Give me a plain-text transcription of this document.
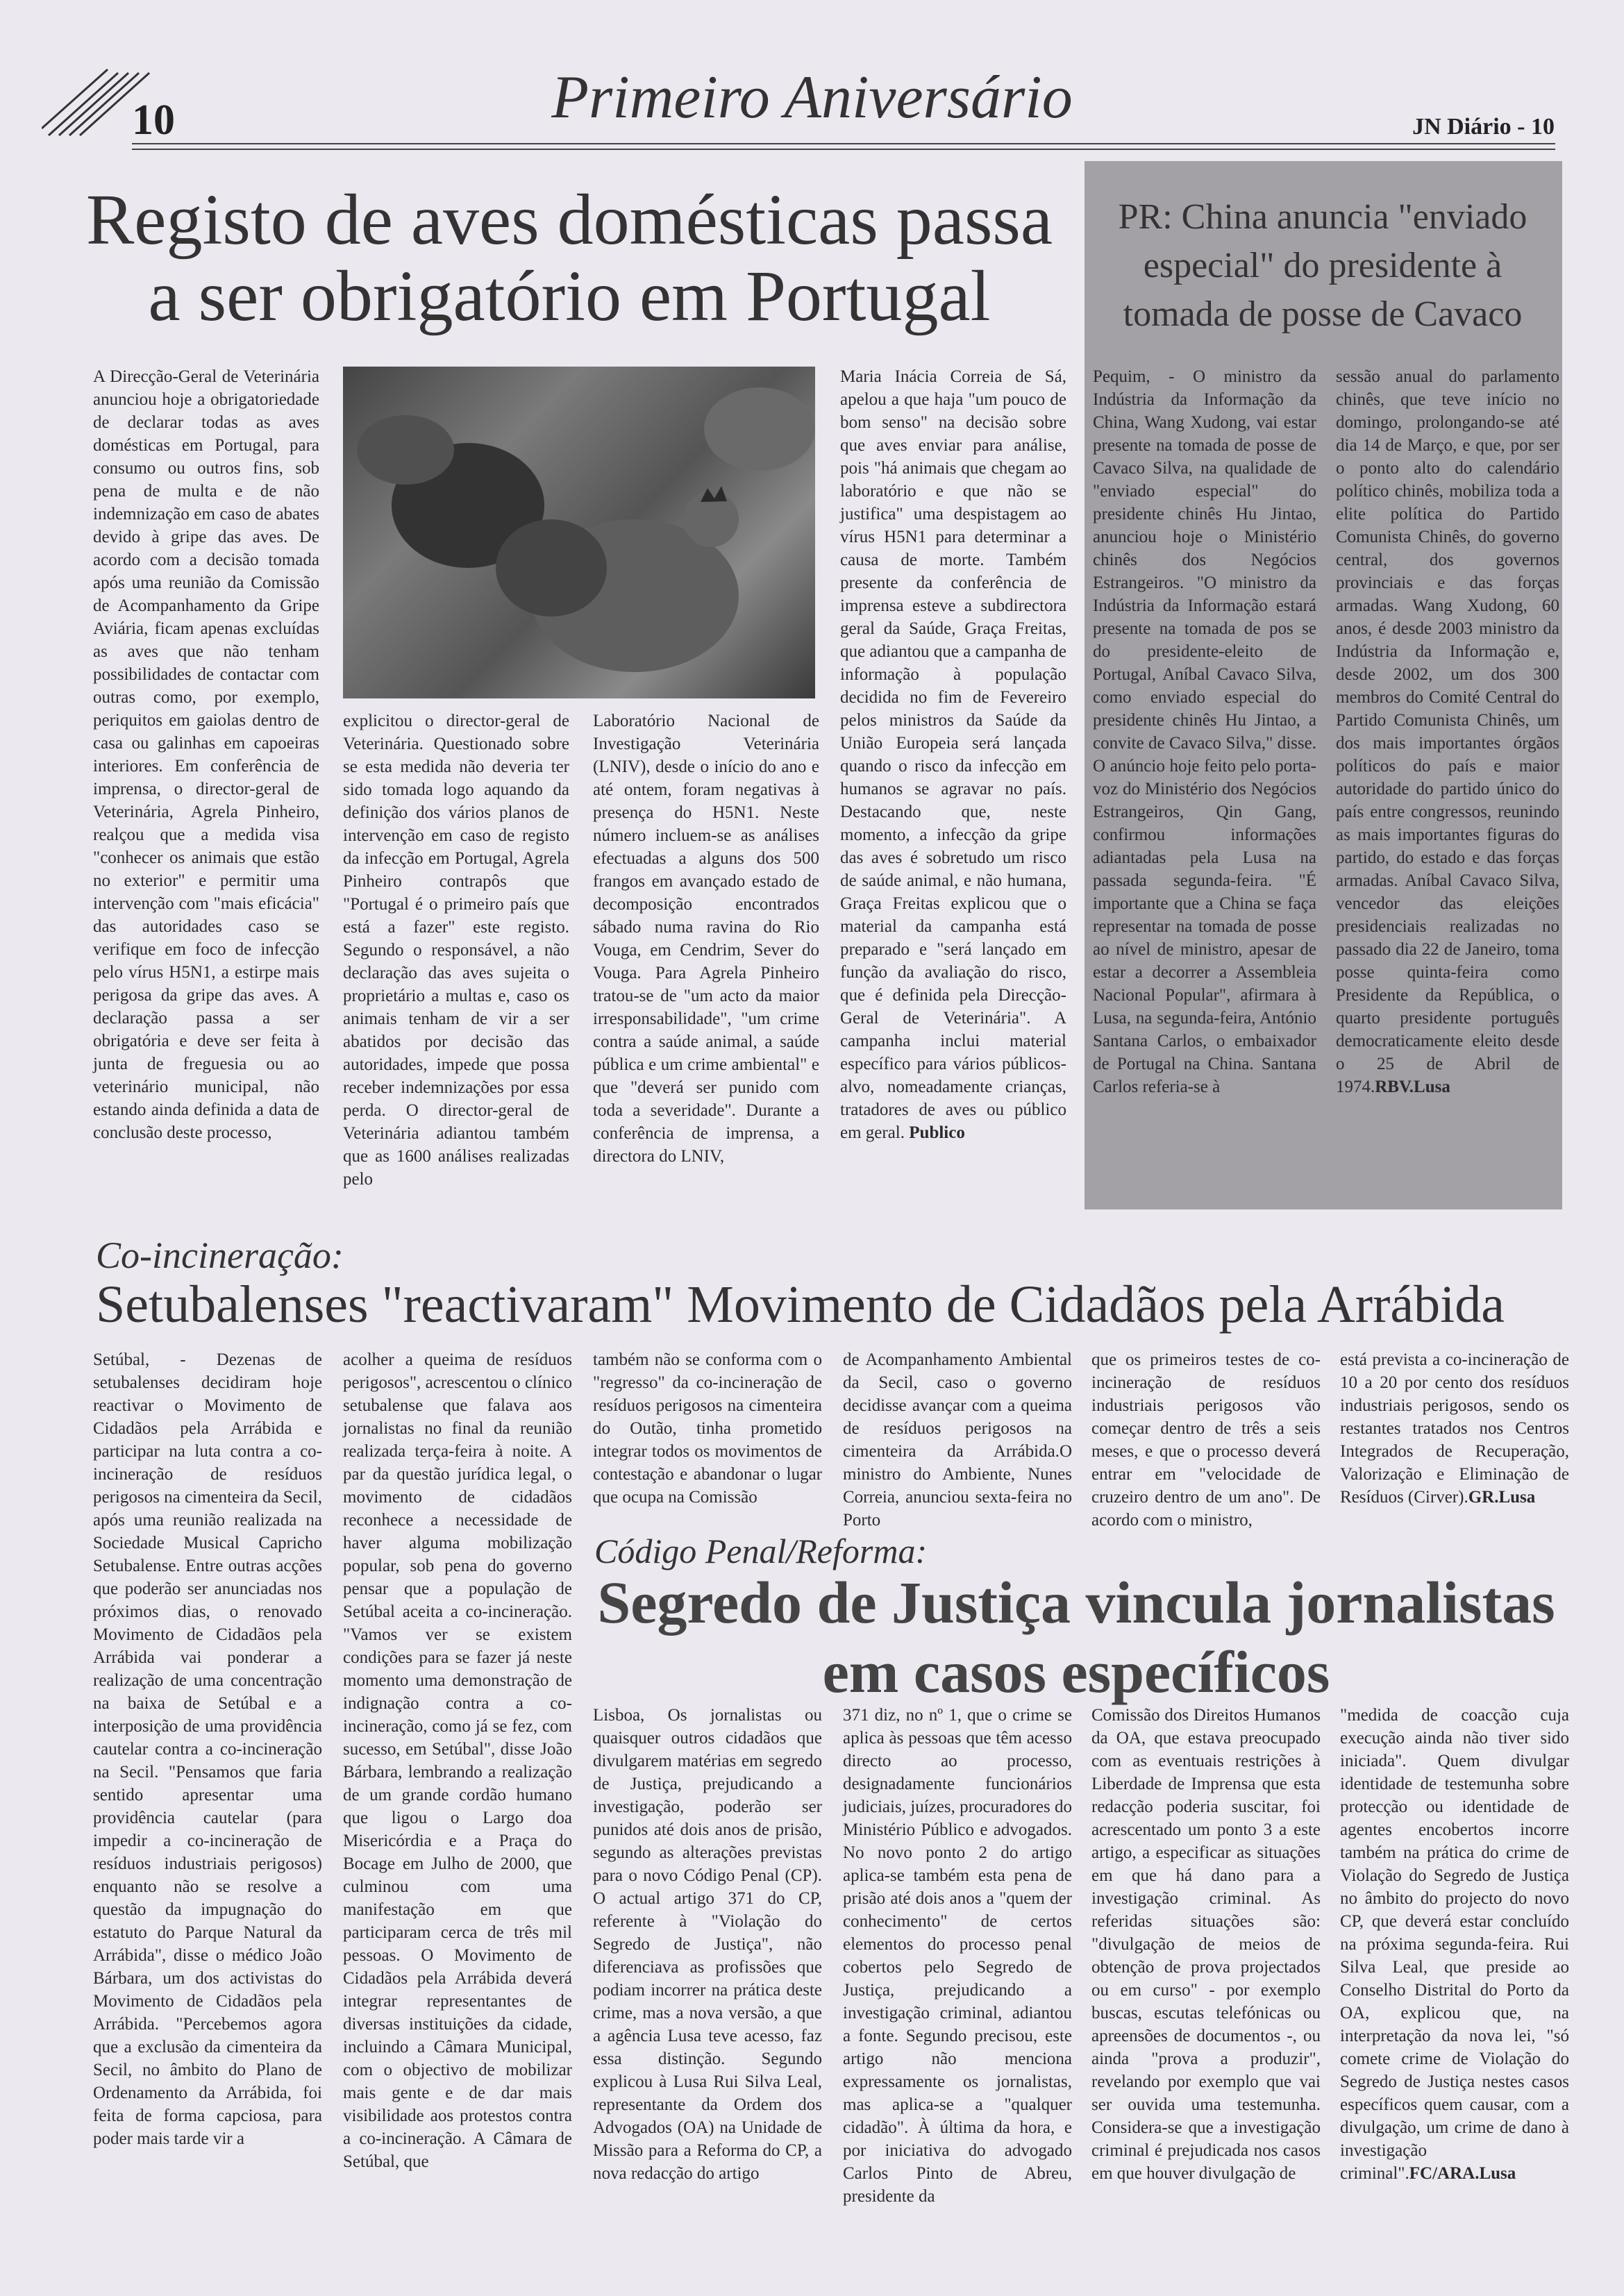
10	Primeiro Aniversário	JN Diário - 10
Registo de aves domésticas passa a ser obrigatório em Portugal

A Direcção-Geral de Veterinária anunciou hoje a obrigatoriedade de declarar todas as aves domésticas em Portugal, para consumo ou outros fins, sob pena de multa e de não indemnização em caso de abates devido à gripe das aves. De acordo com a decisão tomada após uma reunião da Comissão de Acompanhamento da Gripe Aviária, ficam apenas excluídas as aves que não tenham possibilidades de contactar com outras como, por exemplo, periquitos em gaiolas dentro de casa ou galinhas em capoeiras interiores. Em conferência de imprensa, o director-geral de Veterinária, Agrela Pinheiro, realçou que a medida visa "conhecer os animais que estão no exterior" e permitir uma intervenção com "mais eficácia" das autoridades caso se verifique em foco de infecção pelo vírus H5N1, a estirpe mais perigosa da gripe das aves. A declaração passa a ser obrigatória e deve ser feita à junta de freguesia ou ao veterinário municipal, não estando ainda definida a data de conclusão deste processo,

explicitou o director-geral de Veterinária. Questionado sobre se esta medida não deveria ter sido tomada logo aquando da definição dos vários planos de intervenção em caso de registo da infecção em Portugal, Agrela Pinheiro contrapôs que "Portugal é o primeiro país que está a fazer" este registo. Segundo o responsável, a não declaração das aves sujeita o proprietário a multas e, caso os animais tenham de vir a ser abatidos por decisão das autoridades, impede que possa receber indemnizações por essa perda. O director-geral de Veterinária adiantou também que as 1600 análises realizadas pelo

Laboratório Nacional de Investigação Veterinária (LNIV), desde o início do ano e até ontem, foram negativas à presença do H5N1. Neste número incluem-se as análises efectuadas a alguns dos 500 frangos em avançado estado de decomposição encontrados sábado numa ravina do Rio Vouga, em Cendrim, Sever do Vouga. Para Agrela Pinheiro tratou-se de "um acto da maior irresponsabilidade", "um crime contra a saúde animal, a saúde pública e um crime ambiental" e que "deverá ser punido com toda a severidade". Durante a conferência de imprensa, a directora do LNIV,

Maria Inácia Correia de Sá, apelou a que haja "um pouco de bom senso" na decisão sobre que aves enviar para análise, pois "há animais que chegam ao laboratório e que não se justifica" uma despistagem ao vírus H5N1 para determinar a causa de morte. Também presente da conferência de imprensa esteve a subdirectora geral da Saúde, Graça Freitas, que adiantou que a campanha de informação à população decidida no fim de Fevereiro pelos ministros da Saúde da União Europeia será lançada quando o risco da infecção em humanos se agravar no país. Destacando que, neste momento, a infecção da gripe das aves é sobretudo um risco de saúde animal, e não humana, Graça Freitas explicou que o material da campanha está preparado e "será lançado em função da avaliação do risco, que é definida pela Direcção-Geral de Veterinária". A campanha inclui material específico para vários públicos-alvo, nomeadamente crianças, tratadores de aves ou público em geral. Publico

PR: China anuncia "enviado especial" do presidente à tomada de posse de Cavaco

Pequim, - O ministro da Indústria da Informação da China, Wang Xudong, vai estar presente na tomada de posse de Cavaco Silva, na qualidade de "enviado especial" do presidente chinês Hu Jintao, anunciou hoje o Ministério chinês dos Negócios Estrangeiros. "O ministro da Indústria da Informação estará presente na tomada de pos se do presidente-eleito de Portugal, Aníbal Cavaco Silva, como enviado especial do presidente chinês Hu Jintao, a convite de Cavaco Silva," disse. O anúncio hoje feito pelo porta-voz do Ministério dos Negócios Estrangeiros, Qin Gang, confirmou informações adiantadas pela Lusa na passada segunda-feira. "É importante que a China se faça representar na tomada de posse ao nível de ministro, apesar de estar a decorrer a Assembleia Nacional Popular", afirmara à Lusa, na segunda-feira, António Santana Carlos, o embaixador de Portugal na China. Santana Carlos referia-se à

sessão anual do parlamento chinês, que teve início no domingo, prolongando-se até dia 14 de Março, e que, por ser o ponto alto do calendário político chinês, mobiliza toda a elite política do Partido Comunista Chinês, do governo central, dos governos provinciais e das forças armadas. Wang Xudong, 60 anos, é desde 2003 ministro da Indústria da Informação e, desde 2002, um dos 300 membros do Comité Central do Partido Comunista Chinês, um dos mais importantes órgãos políticos do país e maior autoridade do partido único do país entre congressos, reunindo as mais importantes figuras do partido, do estado e das forças armadas. Aníbal Cavaco Silva, vencedor das eleições presidenciais realizadas no passado dia 22 de Janeiro, toma posse quinta-feira como Presidente da República, o quarto presidente português democraticamente eleito desde o 25 de Abril de 1974.RBV.Lusa

Co-incineração:
Setubalenses "reactivaram" Movimento de Cidadãos pela Arrábida

Setúbal, - Dezenas de setubalenses decidiram hoje reactivar o Movimento de Cidadãos pela Arrábida e participar na luta contra a co-incineração de resíduos perigosos na cimenteira da Secil, após uma reunião realizada na Sociedade Musical Capricho Setubalense. Entre outras acções que poderão ser anunciadas nos próximos dias, o renovado Movimento de Cidadãos pela Arrábida vai ponderar a realização de uma concentração na baixa de Setúbal e a interposição de uma providência cautelar contra a co-incineração na Secil. "Pensamos que faria sentido apresentar uma providência cautelar (para impedir a co-incineração de resíduos industriais perigosos) enquanto não se resolve a questão da impugnação do estatuto do Parque Natural da Arrábida", disse o médico João Bárbara, um dos activistas do Movimento de Cidadãos pela Arrábida. "Percebemos agora que a exclusão da cimenteira da Secil, no âmbito do Plano de Ordenamento da Arrábida, foi feita de forma capciosa, para poder mais tarde vir a

acolher a queima de resíduos perigosos", acrescentou o clínico setubalense que falava aos jornalistas no final da reunião realizada terça-feira à noite. A par da questão jurídica legal, o movimento de cidadãos reconhece a necessidade de haver alguma mobilização popular, sob pena do governo pensar que a população de Setúbal aceita a co-incineração. "Vamos ver se existem condições para se fazer já neste momento uma demonstração de indignação contra a co-incineração, como já se fez, com sucesso, em Setúbal", disse João Bárbara, lembrando a realização de um grande cordão humano que ligou o Largo doa Misericórdia e a Praça do Bocage em Julho de 2000, que culminou com uma manifestação em que participaram cerca de três mil pessoas. O Movimento de Cidadãos pela Arrábida deverá integrar representantes de diversas instituições da cidade, incluindo a Câmara Municipal, com o objectivo de mobilizar mais gente e de dar mais visibilidade aos protestos contra a co-incineração. A Câmara de Setúbal, que

também não se conforma com o "regresso" da co-incineração de resíduos perigosos na cimenteira do Outão, tinha prometido integrar todos os movimentos de contestação e abandonar o lugar que ocupa na Comissão

de Acompanhamento Ambiental da Secil, caso o governo decidisse avançar com a queima de resíduos perigosos na cimenteira da Arrábida.O ministro do Ambiente, Nunes Correia, anunciou sexta-feira no Porto

que os primeiros testes de co-incineração de resíduos industriais perigosos vão começar dentro de três a seis meses, e que o processo deverá entrar em "velocidade de cruzeiro dentro de um ano". De acordo com o ministro,

está prevista a co-incineração de 10 a 20 por cento dos resíduos industriais perigosos, sendo os restantes tratados nos Centros Integrados de Recuperação, Valorização e Eliminação de Resíduos (Cirver).GR.Lusa

Código Penal/Reforma:
Segredo de Justiça vincula jornalistas em casos específicos

Lisboa, Os jornalistas ou quaisquer outros cidadãos que divulgarem matérias em segredo de Justiça, prejudicando a investigação, poderão ser punidos até dois anos de prisão, segundo as alterações previstas para o novo Código Penal (CP). O actual artigo 371 do CP, referente à "Violação do Segredo de Justiça", não diferenciava as profissões que podiam incorrer na prática deste crime, mas a nova versão, a que a agência Lusa teve acesso, faz essa distinção. Segundo explicou à Lusa Rui Silva Leal, representante da Ordem dos Advogados (OA) na Unidade de Missão para a Reforma do CP, a nova redacção do artigo

371 diz, no nº 1, que o crime se aplica às pessoas que têm acesso directo ao processo, designadamente funcionários judiciais, juízes, procuradores do Ministério Público e advogados. No novo ponto 2 do artigo aplica-se também esta pena de prisão até dois anos a "quem der conhecimento" de certos elementos do processo penal cobertos pelo Segredo de Justiça, prejudicando a investigação criminal, adiantou a fonte. Segundo precisou, este artigo não menciona expressamente os jornalistas, mas aplica-se a "qualquer cidadão". À última da hora, e por iniciativa do advogado Carlos Pinto de Abreu, presidente da

Comissão dos Direitos Humanos da OA, que estava preocupado com as eventuais restrições à Liberdade de Imprensa que esta redacção poderia suscitar, foi acrescentado um ponto 3 a este artigo, a especificar as situações em que há dano para a investigação criminal. As referidas situações são: "divulgação de meios de obtenção de prova projectados ou em curso" - por exemplo buscas, escutas telefónicas ou apreensões de documentos -, ou ainda "prova a produzir", revelando por exemplo que vai ser ouvida uma testemunha. Considera-se que a investigação criminal é prejudicada nos casos em que houver divulgação de

"medida de coacção cuja execução ainda não tiver sido iniciada". Quem divulgar identidade de testemunha sobre protecção ou identidade de agentes encobertos incorre também na prática do crime de Violação do Segredo de Justiça no âmbito do projecto do novo CP, que deverá estar concluído na próxima segunda-feira. Rui Silva Leal, que preside ao Conselho Distrital do Porto da OA, explicou que, na interpretação da nova lei, "só comete crime de Violação do Segredo de Justiça nestes casos específicos quem causar, com a divulgação, um crime de dano à investigação criminal".FC/ARA.Lusa
